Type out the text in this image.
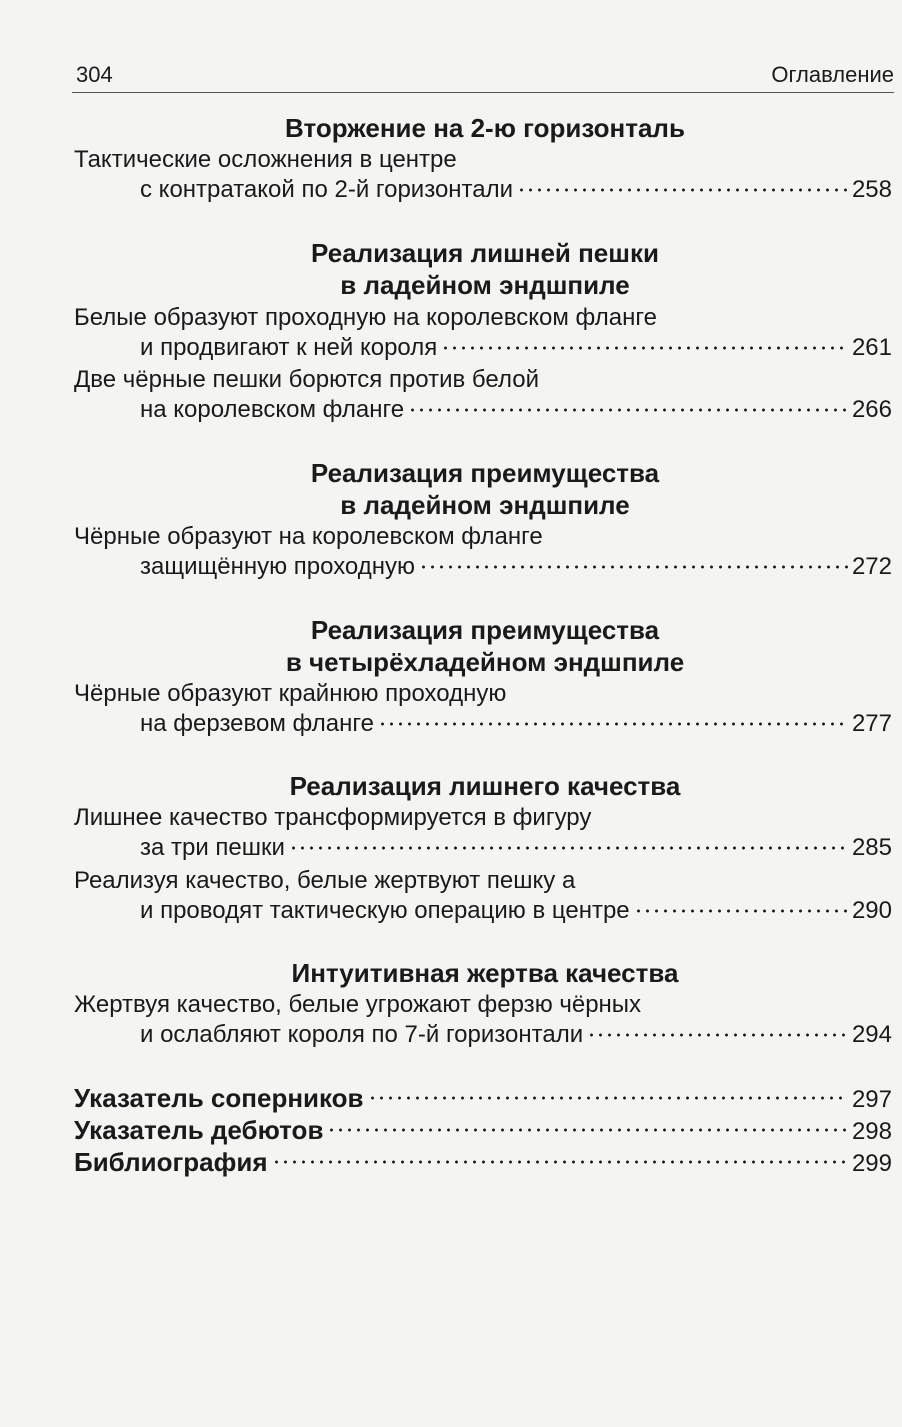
304	Оглавление
Вторжение на 2-ю горизонталь
Тактические осложнения в центре
с контратакой по 2-й горизонтали	258
Реализация лишней пешки
в ладейном эндшпиле
Белые образуют проходную на королевском фланге
и продвигают к ней короля	261
Две чёрные пешки борются против белой
на королевском фланге	266
Реализация преимущества
в ладейном эндшпиле
Чёрные образуют на королевском фланге
защищённую проходную	272
Реализация преимущества
в четырёхладейном эндшпиле
Чёрные образуют крайнюю проходную
на ферзевом фланге	277
Реализация лишнего качества
Лишнее качество трансформируется в фигуру
за три пешки	285
Реализуя качество, белые жертвуют пешку а
и проводят тактическую операцию в центре	290
Интуитивная жертва качества
Жертвуя качество, белые угрожают ферзю чёрных
и ослабляют короля по 7-й горизонтали	294
Указатель соперников	297
Указатель дебютов	298
Библиография	299
